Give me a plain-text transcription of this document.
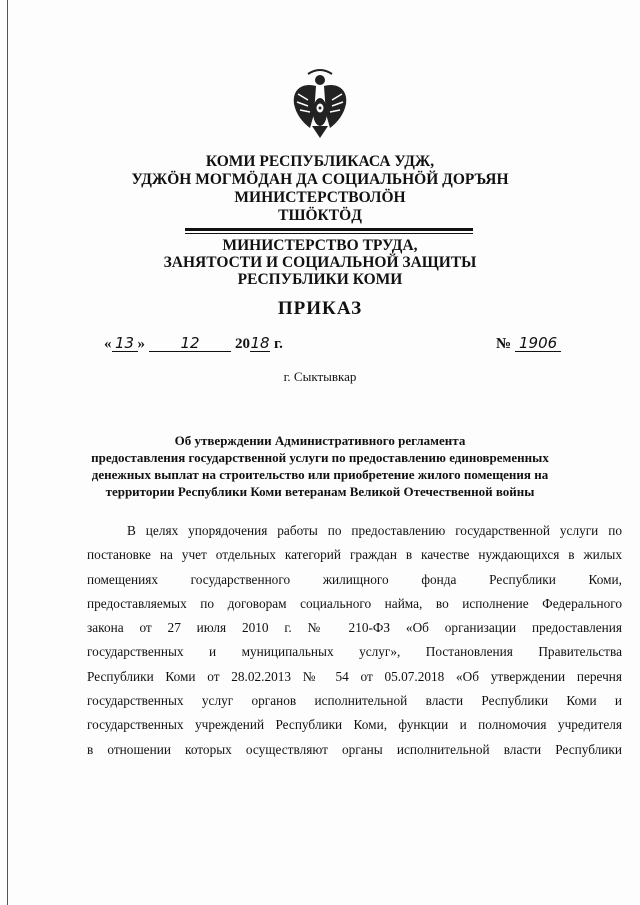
КОМИ РЕСПУБЛИКАСА УДЖ,
УДЖӦН МОГМӦДАН ДА СОЦИАЛЬНӦЙ ДОРЪЯН
МИНИСТЕРСТВОЛӦН
ТШӦКТӦД
МИНИСТЕРСТВО ТРУДА,
ЗАНЯТОСТИ И СОЦИАЛЬНОЙ ЗАЩИТЫ
РЕСПУБЛИКИ КОМИ
ПРИКАЗ
« 13 » 12 2018 г.	№ 1906
г. Сыктывкар
Об утверждении Административного регламента
предоставления государственной услуги по предоставлению единовременных
денежных выплат на строительство или приобретение жилого помещения на
территории Республики Коми ветеранам Великой Отечественной войны
В целях упорядочения работы по предоставлению государственной услуги по
постановке на учет отдельных категорий граждан в качестве нуждающихся в жилых
помещениях государственного жилищного фонда Республики Коми,
предоставляемых по договорам социального найма, во исполнение Федерального
закона от 27 июля 2010 г. № 210-ФЗ «Об организации предоставления
государственных и муниципальных услуг», Постановления Правительства
Республики Коми от 28.02.2013 № 54 от 05.07.2018 «Об утверждении перечня
государственных услуг органов исполнительной власти Республики Коми и
государственных учреждений Республики Коми, функции и полномочия учредителя
в отношении которых осуществляют органы исполнительной власти Республики
